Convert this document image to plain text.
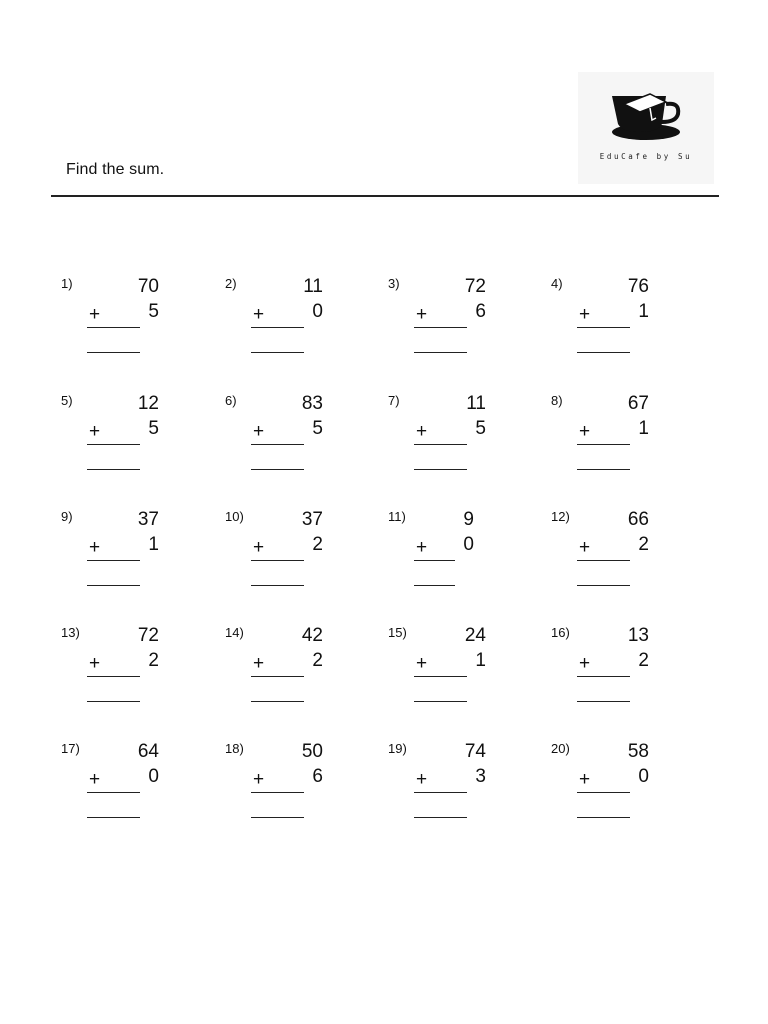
Find the sum.
EduCafe by Su
1)	70
+	5
2)	11
+	0
3)	72
+	6
4)	76
+	1
5)	12
+	5
6)	83
+	5
7)	11
+	5
8)	67
+	1
9)	37
+	1
10)	37
+	2
11)	9
+ 0
12)	66
+	2
13)	72
+	2
14)	42
+	2
15)	24
+	1
16)	13
+	2
17)	64
+	0
18)	50
+	6
19)	74
+	3
20)	58
+	0
